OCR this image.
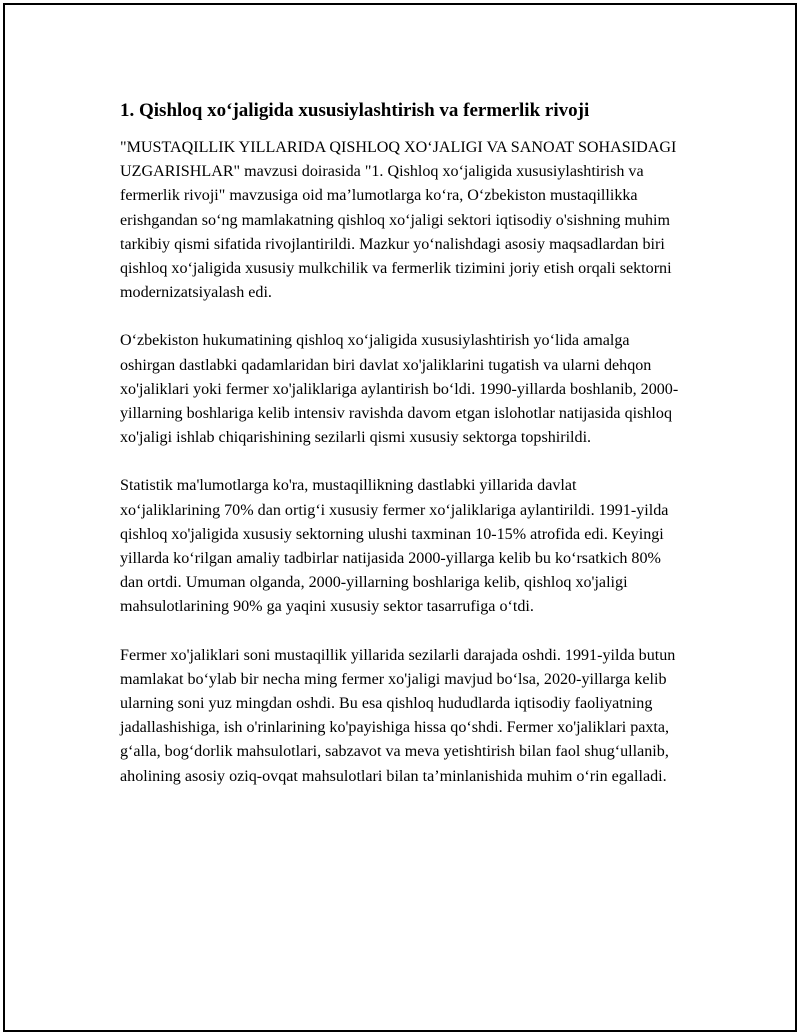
1. Qishloq xo‘jaligida xususiylashtirish va fermerlik rivoji

"MUSTAQILLIK YILLARIDA QISHLOQ XO‘JALIGI VA SANOAT SOHASIDAGI UZGARISHLAR" mavzusi doirasida "1. Qishloq xo‘jaligida xususiylashtirish va fermerlik rivoji" mavzusiga oid ma’lumotlarga ko‘ra, O‘zbekiston mustaqillikka erishgandan so‘ng mamlakatning qishloq xo‘jaligi sektori iqtisodiy o'sishning muhim tarkibiy qismi sifatida rivojlantirildi. Mazkur yo‘nalishdagi asosiy maqsadlardan biri qishloq xo‘jaligida xususiy mulkchilik va fermerlik tizimini joriy etish orqali sektorni modernizatsiyalash edi.

O‘zbekiston hukumatining qishloq xo‘jaligida xususiylashtirish yo‘lida amalga oshirgan dastlabki qadamlaridan biri davlat xo'jaliklarini tugatish va ularni dehqon xo'jaliklari yoki fermer xo'jaliklariga aylantirish bo‘ldi. 1990-yillarda boshlanib, 2000-yillarning boshlariga kelib intensiv ravishda davom etgan islohotlar natijasida qishloq xo'jaligi ishlab chiqarishining sezilarli qismi xususiy sektorga topshirildi.

Statistik ma'lumotlarga ko'ra, mustaqillikning dastlabki yillarida davlat xo‘jaliklarining 70% dan ortig‘i xususiy fermer xo‘jaliklariga aylantirildi. 1991-yilda qishloq xo'jaligida xususiy sektorning ulushi taxminan 10-15% atrofida edi. Keyingi yillarda ko‘rilgan amaliy tadbirlar natijasida 2000-yillarga kelib bu ko‘rsatkich 80% dan ortdi. Umuman olganda, 2000-yillarning boshlariga kelib, qishloq xo'jaligi mahsulotlarining 90% ga yaqini xususiy sektor tasarrufiga o‘tdi.

Fermer xo'jaliklari soni mustaqillik yillarida sezilarli darajada oshdi. 1991-yilda butun mamlakat bo‘ylab bir necha ming fermer xo'jaligi mavjud bo‘lsa, 2020-yillarga kelib ularning soni yuz mingdan oshdi. Bu esa qishloq hududlarda iqtisodiy faoliyatning jadallashishiga, ish o'rinlarining ko'payishiga hissa qo‘shdi. Fermer xo'jaliklari paxta, g‘alla, bog‘dorlik mahsulotlari, sabzavot va meva yetishtirish bilan faol shug‘ullanib, aholining asosiy oziq-ovqat mahsulotlari bilan ta’minlanishida muhim o‘rin egalladi.
